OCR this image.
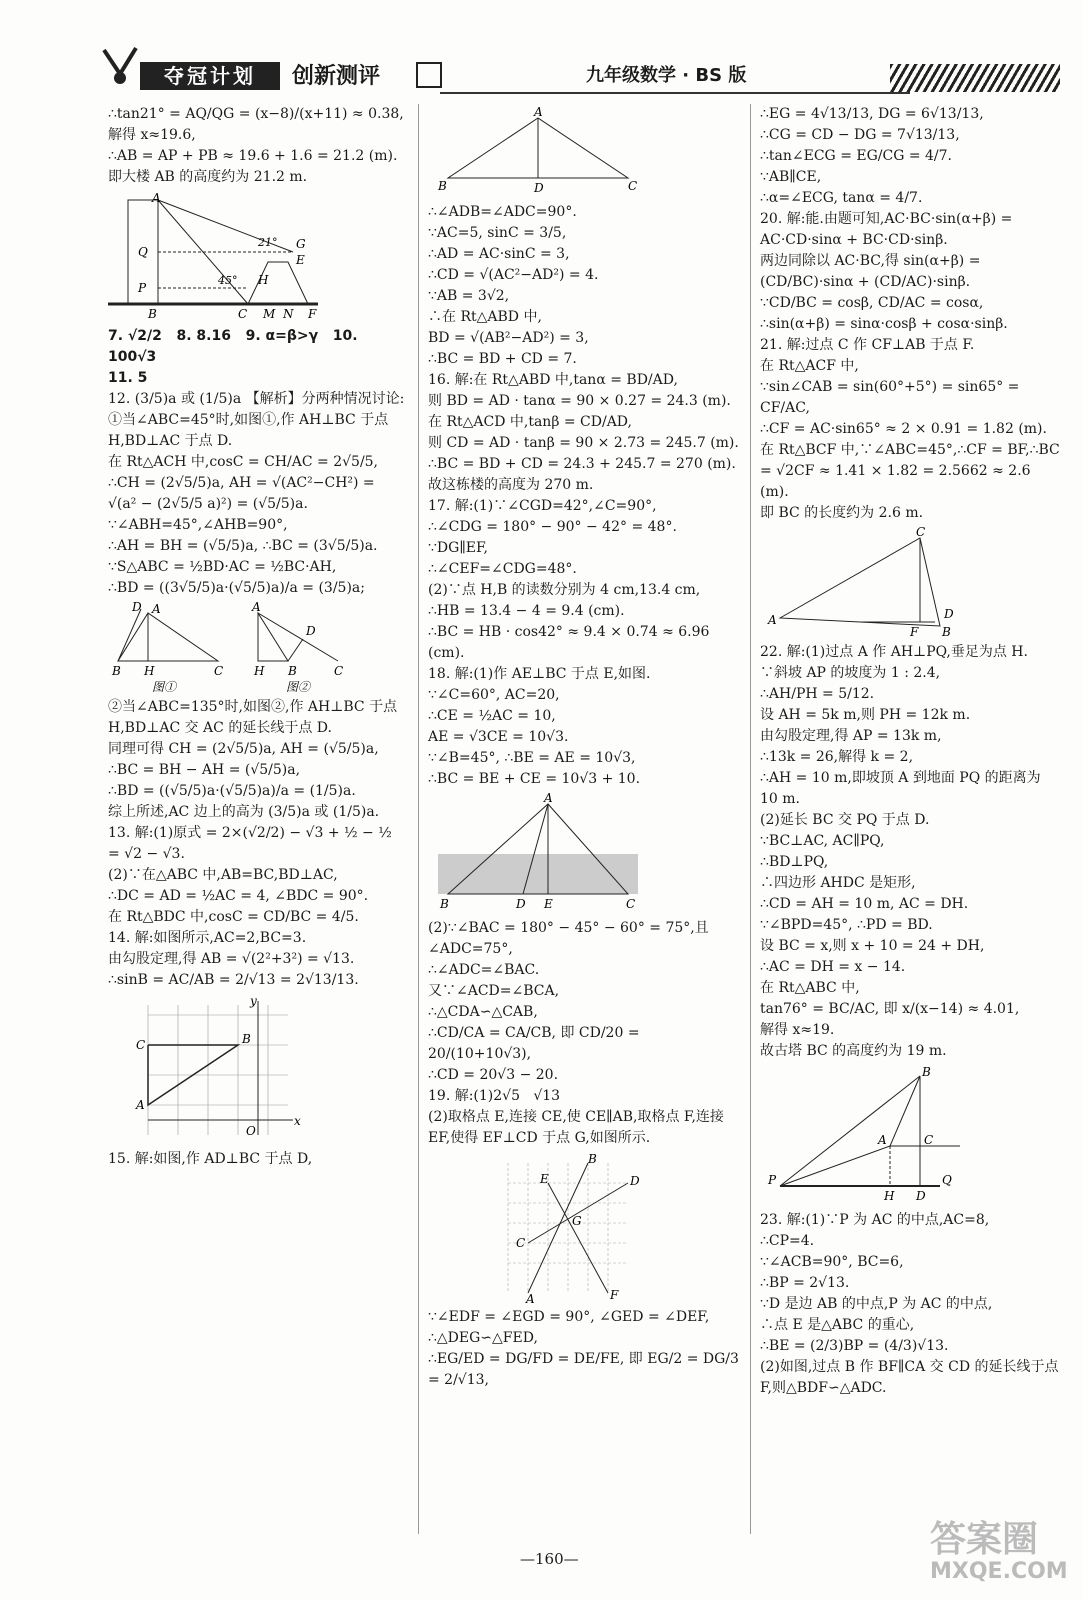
夺冠计划	创新测评	九年级数学 · BS 版

∴tan21° = AQ/QG = (x−8)/(x+11) ≈ 0.38,

解得 x≈19.6,

∴AB = AP + PB ≈ 19.6 + 1.6 = 21.2 (m).

即大楼 AB 的高度约为 21.2 m.

A
Q
P
B	C M N F
G
E
H
21°
45°

7. √2/2   8. 8.16   9. α=β>γ   10. 100√3

11. 5

12. (3/5)a 或 (1/5)a 【解析】分两种情况讨论:

①当∠ABC=45°时,如图①,作 AH⊥BC 于点 H,BD⊥AC 于点 D.

在 Rt△ACH 中,cosC = CH/AC = 2√5/5,

∴CH = (2√5/5)a, AH = √(AC²−CH²) =

√(a² − (2√5/5 a)²) = (√5/5)a.

∵∠ABH=45°,∠AHB=90°,

∴AH = BH = (√5/5)a, ∴BC = (3√5/5)a.

∵S△ABC = ½BD·AC = ½BC·AH,

∴BD = ((3√5/5)a·(√5/5)a)/a = (3/5)a;

D A
B H	C
图①
A
D
B
H	C
图②

②当∠ABC=135°时,如图②,作 AH⊥BC 于点 H,BD⊥AC 交 AC 的延长线于点 D.

同理可得 CH = (2√5/5)a, AH = (√5/5)a,

∴BC = BH − AH = (√5/5)a,

∴BD = ((√5/5)a·(√5/5)a)/a = (1/5)a.

综上所述,AC 边上的高为 (3/5)a 或 (1/5)a.

13. 解:(1)原式 = 2×(√2/2) − √3 + ½ − ½

= √2 − √3.

(2)∵在△ABC 中,AB=BC,BD⊥AC,

∴DC = AD = ½AC = 4, ∠BDC = 90°.

在 Rt△BDC 中,cosC = CD/BC = 4/5.

14. 解:如图所示,AC=2,BC=3.

由勾股定理,得 AB = √(2²+3²) = √13.

∴sinB = AC/AB = 2/√13 = 2√13/13.

y
C	B
A
O
x

15. 解:如图,作 AD⊥BC 于点 D,

A
B	D	C

∴∠ADB=∠ADC=90°.

∵AC=5, sinC = 3/5,

∴AD = AC·sinC = 3,

∴CD = √(AC²−AD²) = 4.

∵AB = 3√2,

∴在 Rt△ABD 中,

BD = √(AB²−AD²) = 3,

∴BC = BD + CD = 7.

16. 解:在 Rt△ABD 中,tanα = BD/AD,

则 BD = AD · tanα = 90 × 0.27 = 24.3 (m).

在 Rt△ACD 中,tanβ = CD/AD,

则 CD = AD · tanβ = 90 × 2.73 = 245.7 (m).

∴BC = BD + CD = 24.3 + 245.7 = 270 (m).

故这栋楼的高度为 270 m.

17. 解:(1)∵∠CGD=42°,∠C=90°,

∴∠CDG = 180° − 90° − 42° = 48°.

∵DG∥EF,

∴∠CEF=∠CDG=48°.

(2)∵点 H,B 的读数分别为 4 cm,13.4 cm,

∴HB = 13.4 − 4 = 9.4 (cm).

∴BC = HB · cos42° ≈ 9.4 × 0.74 ≈ 6.96 (cm).

18. 解:(1)作 AE⊥BC 于点 E,如图.

∵∠C=60°, AC=20,

∴CE = ½AC = 10,

AE = √3CE = 10√3.

∵∠B=45°, ∴BE = AE = 10√3,

∴BC = BE + CE = 10√3 + 10.

A
B	D E	C

(2)∵∠BAC = 180° − 45° − 60° = 75°,且∠ADC=75°,

∴∠ADC=∠BAC.

又∵∠ACD=∠BCA,

∴△CDA∽△CAB,

∴CD/CA = CA/CB, 即 CD/20 = 20/(10+10√3),

∴CD = 20√3 − 20.

19. 解:(1)2√5   √13

(2)取格点 E,连接 CE,使 CE∥AB,取格点 F,连接 EF,使得 EF⊥CD 于点 G,如图所示.

B
E	D
C
G
A	F

∵∠EDF = ∠EGD = 90°, ∠GED = ∠DEF,

∴△DEG∽△FED,

∴EG/ED = DG/FD = DE/FE, 即 EG/2 = DG/3 = 2/√13,

∴EG = 4√13/13, DG = 6√13/13,

∴CG = CD − DG = 7√13/13,

∴tan∠ECG = EG/CG = 4/7.

∵AB∥CE,

∴α=∠ECG, tanα = 4/7.

20. 解:能.由题可知,AC·BC·sin(α+β) = AC·CD·sinα + BC·CD·sinβ.

两边同除以 AC·BC,得 sin(α+β) = (CD/BC)·sinα + (CD/AC)·sinβ.

∵CD/BC = cosβ, CD/AC = cosα,

∴sin(α+β) = sinα·cosβ + cosα·sinβ.

21. 解:过点 C 作 CF⊥AB 于点 F.

在 Rt△ACF 中,

∵sin∠CAB = sin(60°+5°) = sin65° = CF/AC,

∴CF = AC·sin65° ≈ 2 × 0.91 = 1.82 (m).

在 Rt△BCF 中,∵∠ABC=45°,∴CF = BF,∴BC = √2CF ≈ 1.41 × 1.82 = 2.5662 ≈ 2.6 (m).

即 BC 的长度约为 2.6 m.

C
A
F
D
B

22. 解:(1)过点 A 作 AH⊥PQ,垂足为点 H.

∵斜坡 AP 的坡度为 1 : 2.4,

∴AH/PH = 5/12.

设 AH = 5k m,则 PH = 12k m.

由勾股定理,得 AP = 13k m,

∴13k = 26,解得 k = 2,

∴AH = 10 m,即坡顶 A 到地面 PQ 的距离为 10 m.

(2)延长 BC 交 PQ 于点 D.

∵BC⊥AC, AC∥PQ,

∴BD⊥PQ,

∴四边形 AHDC 是矩形,

∴CD = AH = 10 m, AC = DH.

∵∠BPD=45°, ∴PD = BD.

设 BC = x,则 x + 10 = 24 + DH,

∴AC = DH = x − 14.

在 Rt△ABC 中,

tan76° = BC/AC, 即 x/(x−14) ≈ 4.01,

解得 x≈19.

故古塔 BC 的高度约为 19 m.

B
A	C
P
H D
Q

23. 解:(1)∵P 为 AC 的中点,AC=8,

∴CP=4.

∵∠ACB=90°, BC=6,

∴BP = 2√13.

∵D 是边 AB 的中点,P 为 AC 的中点,

∴点 E 是△ABC 的重心,

∴BE = (2/3)BP = (4/3)√13.

(2)如图,过点 B 作 BF∥CA 交 CD 的延长线于点 F,则△BDF∽△ADC.

—160—	答案圈
MXQE.COM
